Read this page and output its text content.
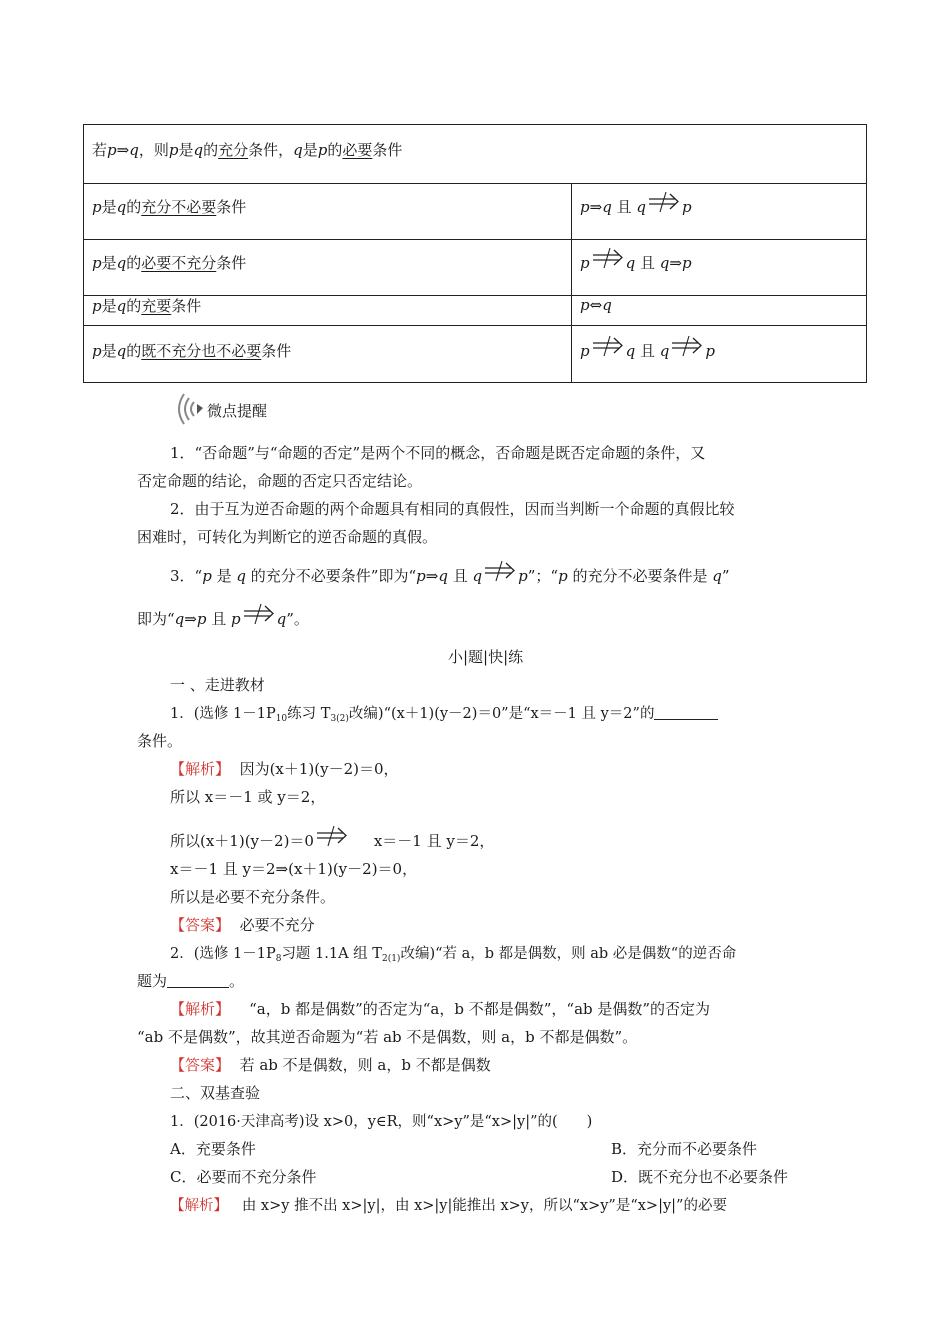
若p⇒q，则p是q的充分条件，q是p的必要条件
p是q的充分不必要条件	p⇒q 且 q p
p是q的必要不充分条件	p q 且 q⇒p
p是q的充要条件	p⇔q
p是q的既不充分也不必要条件	p q 且 q p
微点提醒
1．“否命题”与“命题的否定”是两个不同的概念，否命题是既否定命题的条件，又
否定命题的结论，命题的否定只否定结论。
2．由于互为逆否命题的两个命题具有相同的真假性，因而当判断一个命题的真假比较
困难时，可转化为判断它的逆否命题的真假。
3．“p 是 q 的充分不必要条件”即为“p⇒q 且 q p”；“p 的充分不必要条件是 q”
即为“q⇒p 且 p q”。
小|题|快|练
一 、走进教材
1．(选修 $1-1P_{10}$练习 $T_{3(2)}$改编)“(x＋1)(y－2)＝0”是“x＝－1 且 y＝2”的
条件。
【解析】 因为(x＋1)(y－2)＝0，
所以 x＝－1 或 y＝2，
所以(x＋1)(y－2)＝0	x＝－1 且 y＝2，
x＝－1 且 y＝2⇒(x＋1)(y－2)＝0，
所以是必要不充分条件。
【答案】 必要不充分
2．(选修 $1-1P_8$习题 1.1A 组 $T_{2(1)}$改编)“若 a，b 都是偶数，则 ab 必是偶数“的逆否命
题为	。
【解析】 “a，b 都是偶数”的否定为“a，b 不都是偶数”，“ab 是偶数”的否定为
“ab 不是偶数”，故其逆否命题为“若 ab 不是偶数，则 a，b 不都是偶数”。
【答案】 若 ab 不是偶数，则 a，b 不都是偶数
二、双基查验
1．(2016·天津高考)设 x>0，y∈R，则“x>y”是“x>|y|”的(　　)
A．充要条件	B．充分而不必要条件
C．必要而不充分条件	D．既不充分也不必要条件
【解析】 由 x>y 推不出 x>|y|，由 x>|y|能推出 x>y，所以“x>y”是“x>|y|”的必要
